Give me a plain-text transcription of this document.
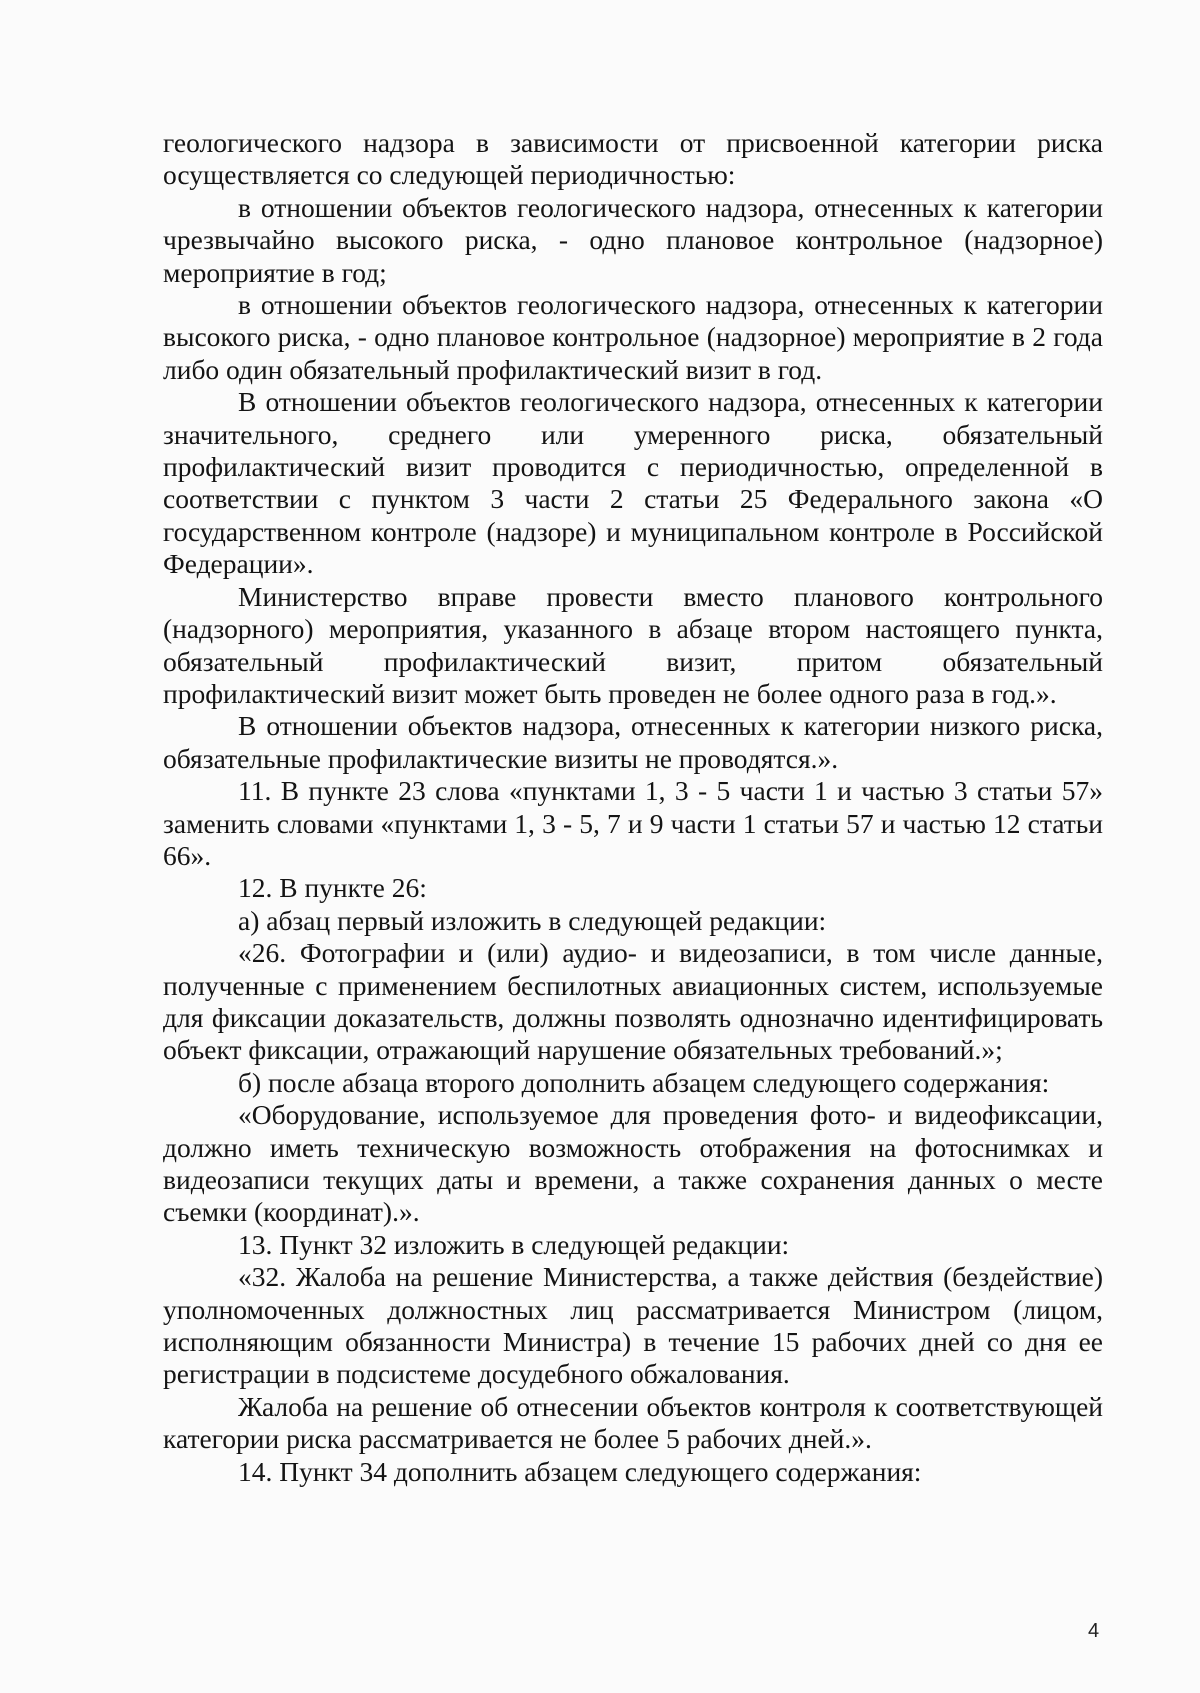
геологического надзора в зависимости от присвоенной категории риска осуществляется со следующей периодичностью:

в отношении объектов геологического надзора, отнесенных к категории чрезвычайно высокого риска, - одно плановое контрольное (надзорное) мероприятие в год;

в отношении объектов геологического надзора, отнесенных к категории высокого риска, - одно плановое контрольное (надзорное) мероприятие в 2 года либо один обязательный профилактический визит в год.

В отношении объектов геологического надзора, отнесенных к категории значительного, среднего или умеренного риска, обязательный профилактический визит проводится с периодичностью, определенной в соответствии с пунктом 3 части 2 статьи 25 Федерального закона «О государственном контроле (надзоре) и муниципальном контроле в Российской Федерации».

Министерство вправе провести вместо планового контрольного (надзорного) мероприятия, указанного в абзаце втором настоящего пункта, обязательный профилактический визит, притом обязательный профилактический визит может быть проведен не более одного раза в год.».

В отношении объектов надзора, отнесенных к категории низкого риска, обязательные профилактические визиты не проводятся.».

11. В пункте 23 слова «пунктами 1, 3 - 5 части 1 и частью 3 статьи 57» заменить словами «пунктами 1, 3 - 5, 7 и 9 части 1 статьи 57 и частью 12 статьи 66».

12. В пункте 26:

а) абзац первый изложить в следующей редакции:

«26. Фотографии и (или) аудио- и видеозаписи, в том числе данные, полученные с применением беспилотных авиационных систем, используемые для фиксации доказательств, должны позволять однозначно идентифицировать объект фиксации, отражающий нарушение обязательных требований.»;

б) после абзаца второго дополнить абзацем следующего содержания:

«Оборудование, используемое для проведения фото- и видеофиксации, должно иметь техническую возможность отображения на фотоснимках и видеозаписи текущих даты и времени, а также сохранения данных о месте съемки (координат).».

13. Пункт 32 изложить в следующей редакции:

«32. Жалоба на решение Министерства, а также действия (бездействие) уполномоченных должностных лиц рассматривается Министром (лицом, исполняющим обязанности Министра) в течение 15 рабочих дней со дня ее регистрации в подсистеме досудебного обжалования.

Жалоба на решение об отнесении объектов контроля к соответствующей категории риска рассматривается не более 5 рабочих дней.».

14. Пункт 34 дополнить абзацем следующего содержания:

4
